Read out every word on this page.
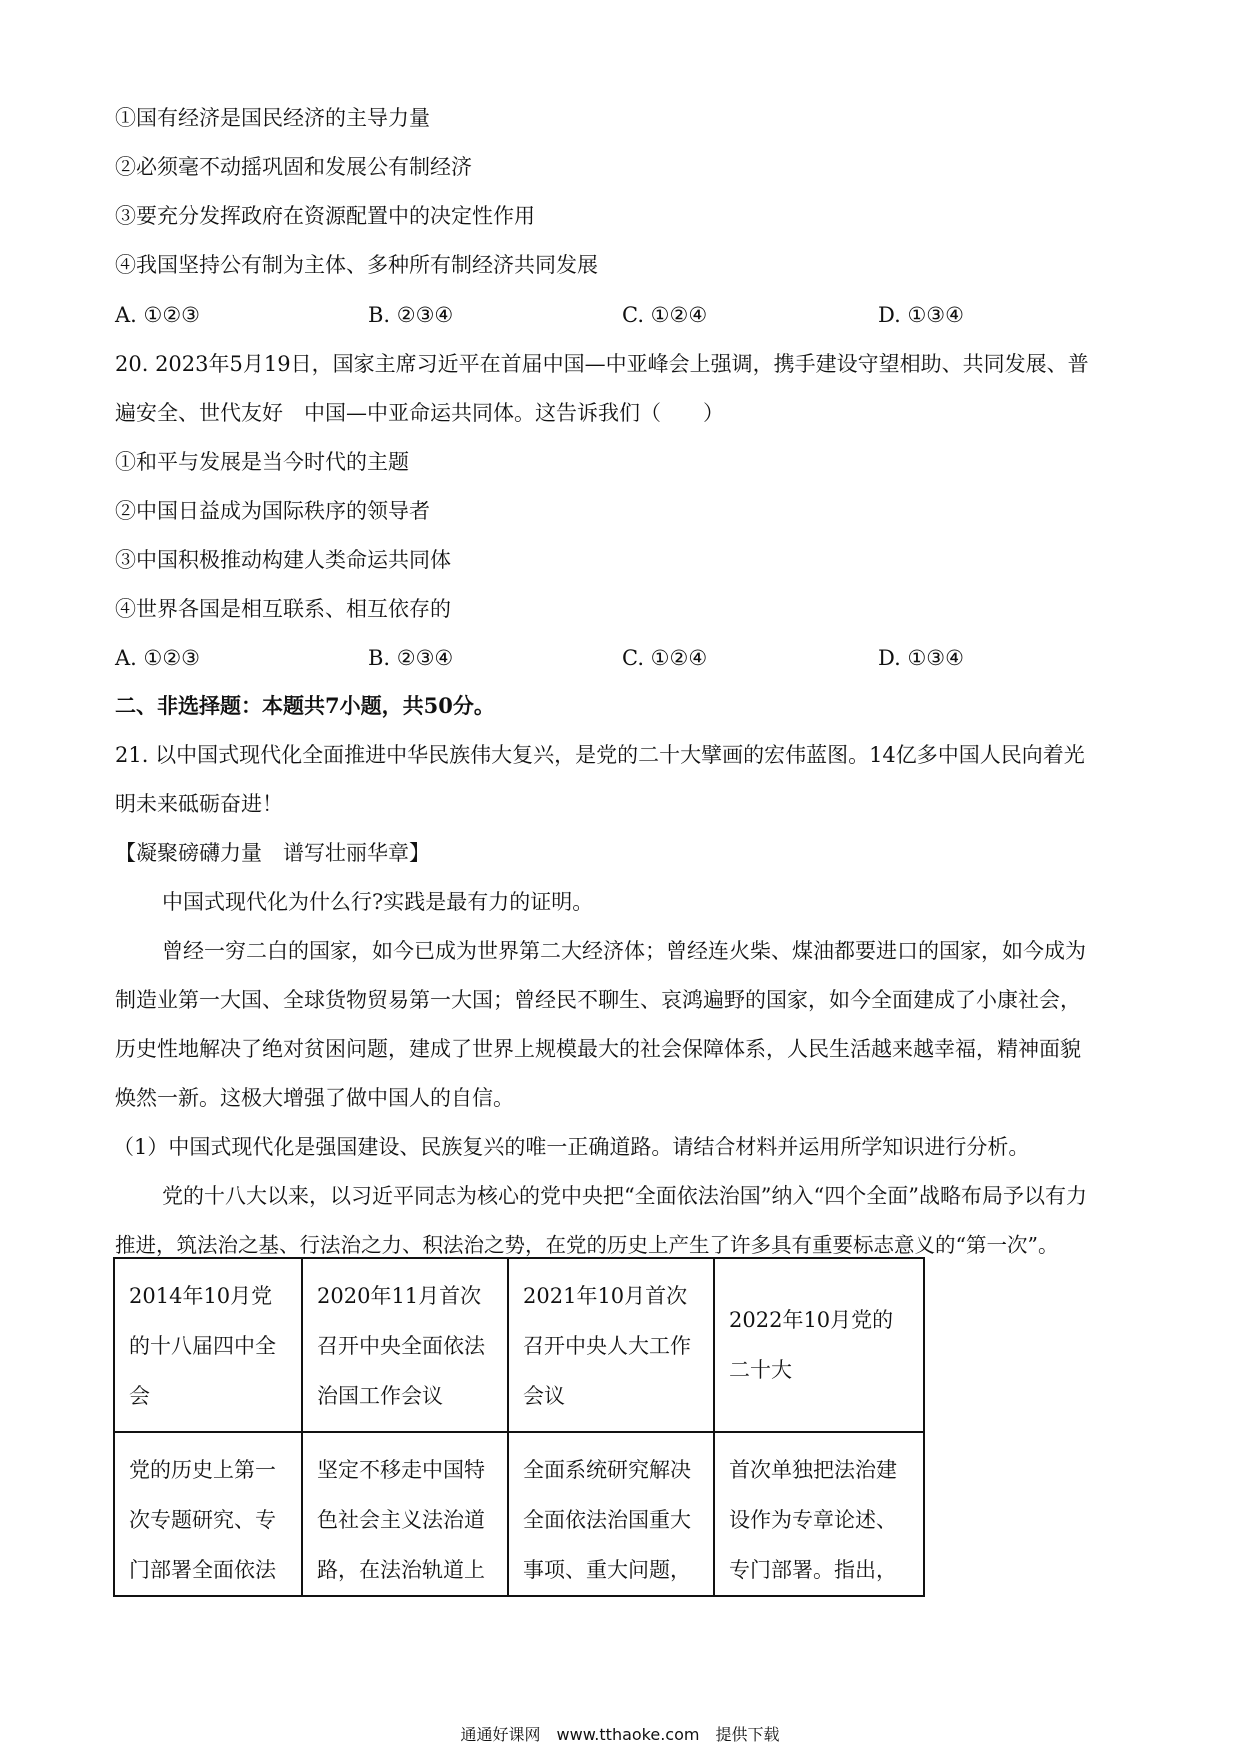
①国有经济是国民经济的主导力量
②必须毫不动摇巩固和发展公有制经济
③要充分发挥政府在资源配置中的决定性作用
④我国坚持公有制为主体、多种所有制经济共同发展
A. ①②③	B. ②③④	C. ①②④	D. ①③④
20. 2023年5月19日，国家主席习近平在首届中国—中亚峰会上强调，携手建设守望相助、共同发展、普
遍安全、世代友好　中国—中亚命运共同体。这告诉我们（　　）
①和平与发展是当今时代的主题
②中国日益成为国际秩序的领导者
③中国积极推动构建人类命运共同体
④世界各国是相互联系、相互依存的
A. ①②③	B. ②③④	C. ①②④	D. ①③④
二、非选择题：本题共7小题，共50分。
21. 以中国式现代化全面推进中华民族伟大复兴，是党的二十大擘画的宏伟蓝图。14亿多中国人民向着光
明未来砥砺奋进！
【凝聚磅礴力量　谱写壮丽华章】
中国式现代化为什么行?实践是最有力的证明。
曾经一穷二白的国家，如今已成为世界第二大经济体；曾经连火柴、煤油都要进口的国家，如今成为
制造业第一大国、全球货物贸易第一大国；曾经民不聊生、哀鸿遍野的国家，如今全面建成了小康社会，
历史性地解决了绝对贫困问题，建成了世界上规模最大的社会保障体系，人民生活越来越幸福，精神面貌
焕然一新。这极大增强了做中国人的自信。
（1）中国式现代化是强国建设、民族复兴的唯一正确道路。请结合材料并运用所学知识进行分析。
党的十八大以来，以习近平同志为核心的党中央把“全面依法治国”纳入“四个全面”战略布局予以有力
推进，筑法治之基、行法治之力、积法治之势，在党的历史上产生了许多具有重要标志意义的“第一次”。
2014年10月党的十八届四中全会	2020年11月首次召开中央全面依法治国工作会议	2021年10月首次召开中央人大工作会议	2022年10月党的二十大
党的历史上第一次专题研究、专门部署全面依法	坚定不移走中国特色社会主义法治道路，在法治轨道上	全面系统研究解决全面依法治国重大事项、重大问题，	首次单独把法治建设作为专章论述、专门部署。指出，
通通好课网　www.tthaoke.com　提供下载
